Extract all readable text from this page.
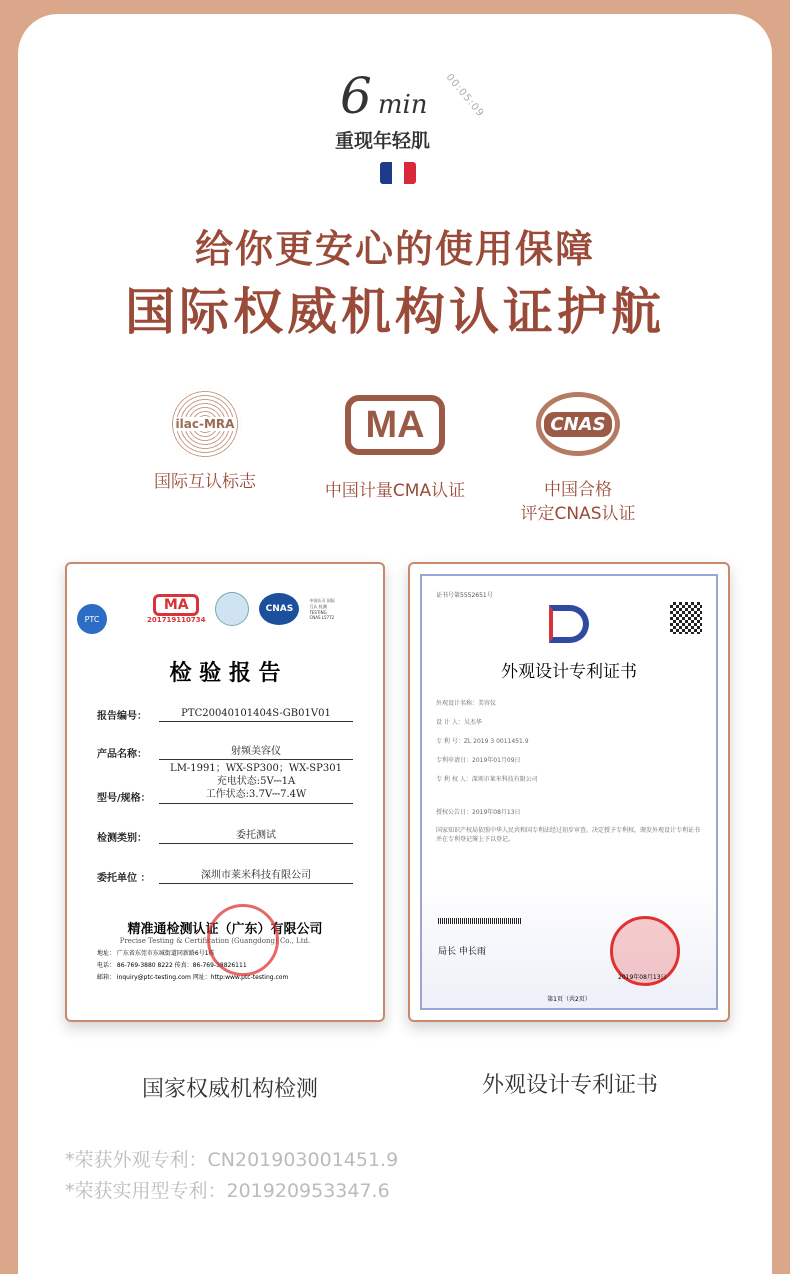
6 min 00:05:09
重现年轻肌
给你更安心的使用保障
国际权威机构认证护航
ilac-MRA
国际互认标志
MA
中国计量CMA认证
CNAS
中国合格
评定CNAS认证
PTC
MA
201719110734
CNAS
中国认可 国际互认 检测 TESTING CNAS L5772
检 验 报 告
报告编号：	PTC20040101404S-GB01V01
产品名称：	射频美容仪
型号/规格：
LM-1991；WX-SP300；WX-SP301
充电状态:5V⎓1A
工作状态:3.7V⎓7.4W
检测类别：	委托测试
委托单位 ：	深圳市莱米科技有限公司
精准通检测认证（广东）有限公司
Precise Testing & Certification (Guangdong) Co., Ltd.
地址： 广东省东莞市东城街道同新路6号1栋
电话： 86-769-3880 8222 传真：86-769-38826111
邮箱： inquiry@ptc-testing.com 网址：http:www.ptc-testing.com
国家权威机构检测
证书号第5552651号
外观设计专利证书
外观设计名称：美容仪
设 计 人：吴杰华
专 利 号：ZL 2019 3 0011451.9
专利申请日：2019年01月09日
专 利 权 人：深圳市莱米科技有限公司
授权公告日：2019年08月13日
国家知识产权局依照中华人民共和国专利法经过初步审查，决定授予专利权，颁发外观设计专利证书并在专利登记簿上予以登记。
局长 申长雨
2019年08月13日
第1页（共2页）
外观设计专利证书
*荣获外观专利：CN201903001451.9
*荣获实用型专利：201920953347.6
